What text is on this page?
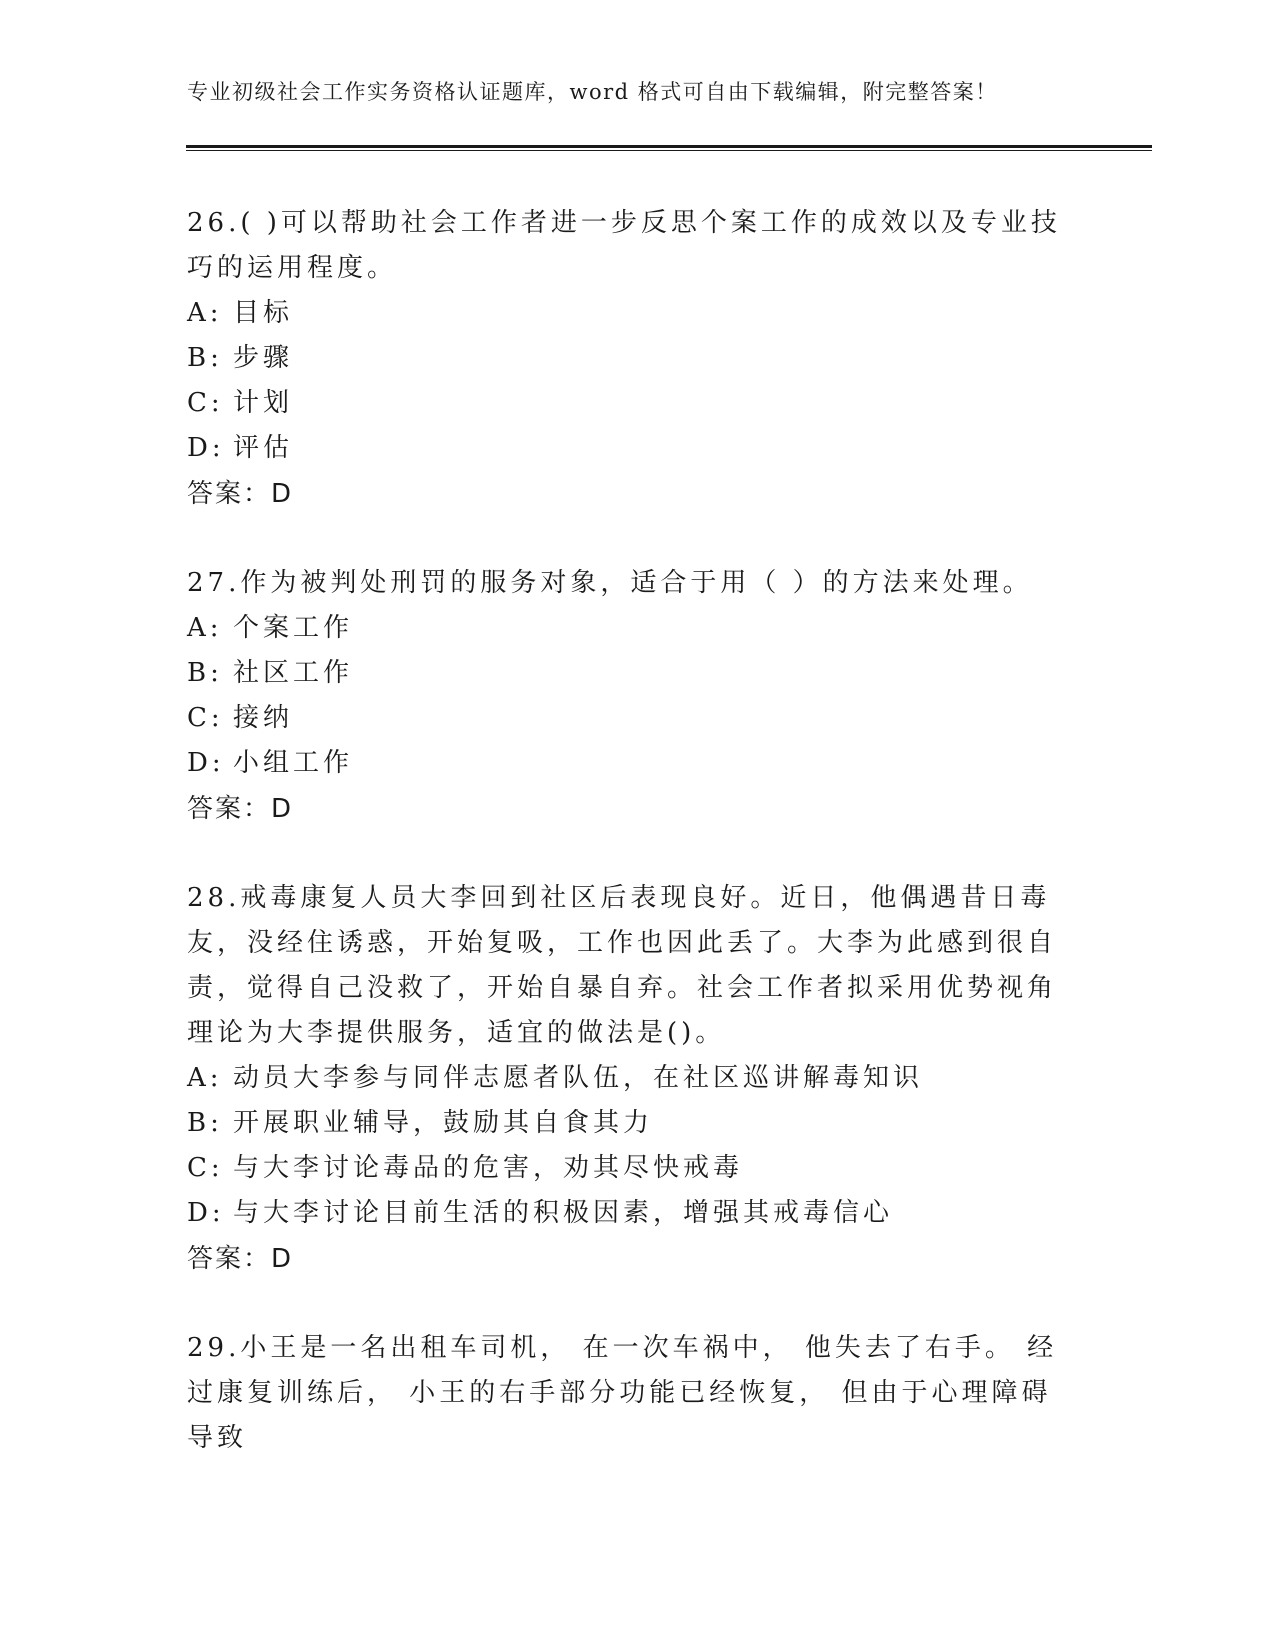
专业初级社会工作实务资格认证题库，word 格式可自由下载编辑，附完整答案！
26.( )可以帮助社会工作者进一步反思个案工作的成效以及专业技巧的运用程度。
A: 目标
B: 步骤
C: 计划
D: 评估
答案：D
27.作为被判处刑罚的服务对象，适合于用（ ）的方法来处理。
A: 个案工作
B: 社区工作
C: 接纳
D: 小组工作
答案：D
28.戒毒康复人员大李回到社区后表现良好。近日，他偶遇昔日毒友，没经住诱惑，开始复吸，工作也因此丢了。大李为此感到很自责，觉得自己没救了，开始自暴自弃。社会工作者拟采用优势视角理论为大李提供服务，适宜的做法是()。
A: 动员大李参与同伴志愿者队伍，在社区巡讲解毒知识
B: 开展职业辅导，鼓励其自食其力
C: 与大李讨论毒品的危害，劝其尽快戒毒
D: 与大李讨论目前生活的积极因素，增强其戒毒信心
答案：D
29.小王是一名出租车司机， 在一次车祸中， 他失去了右手。 经过康复训练后， 小王的右手部分功能已经恢复， 但由于心理障碍导致
